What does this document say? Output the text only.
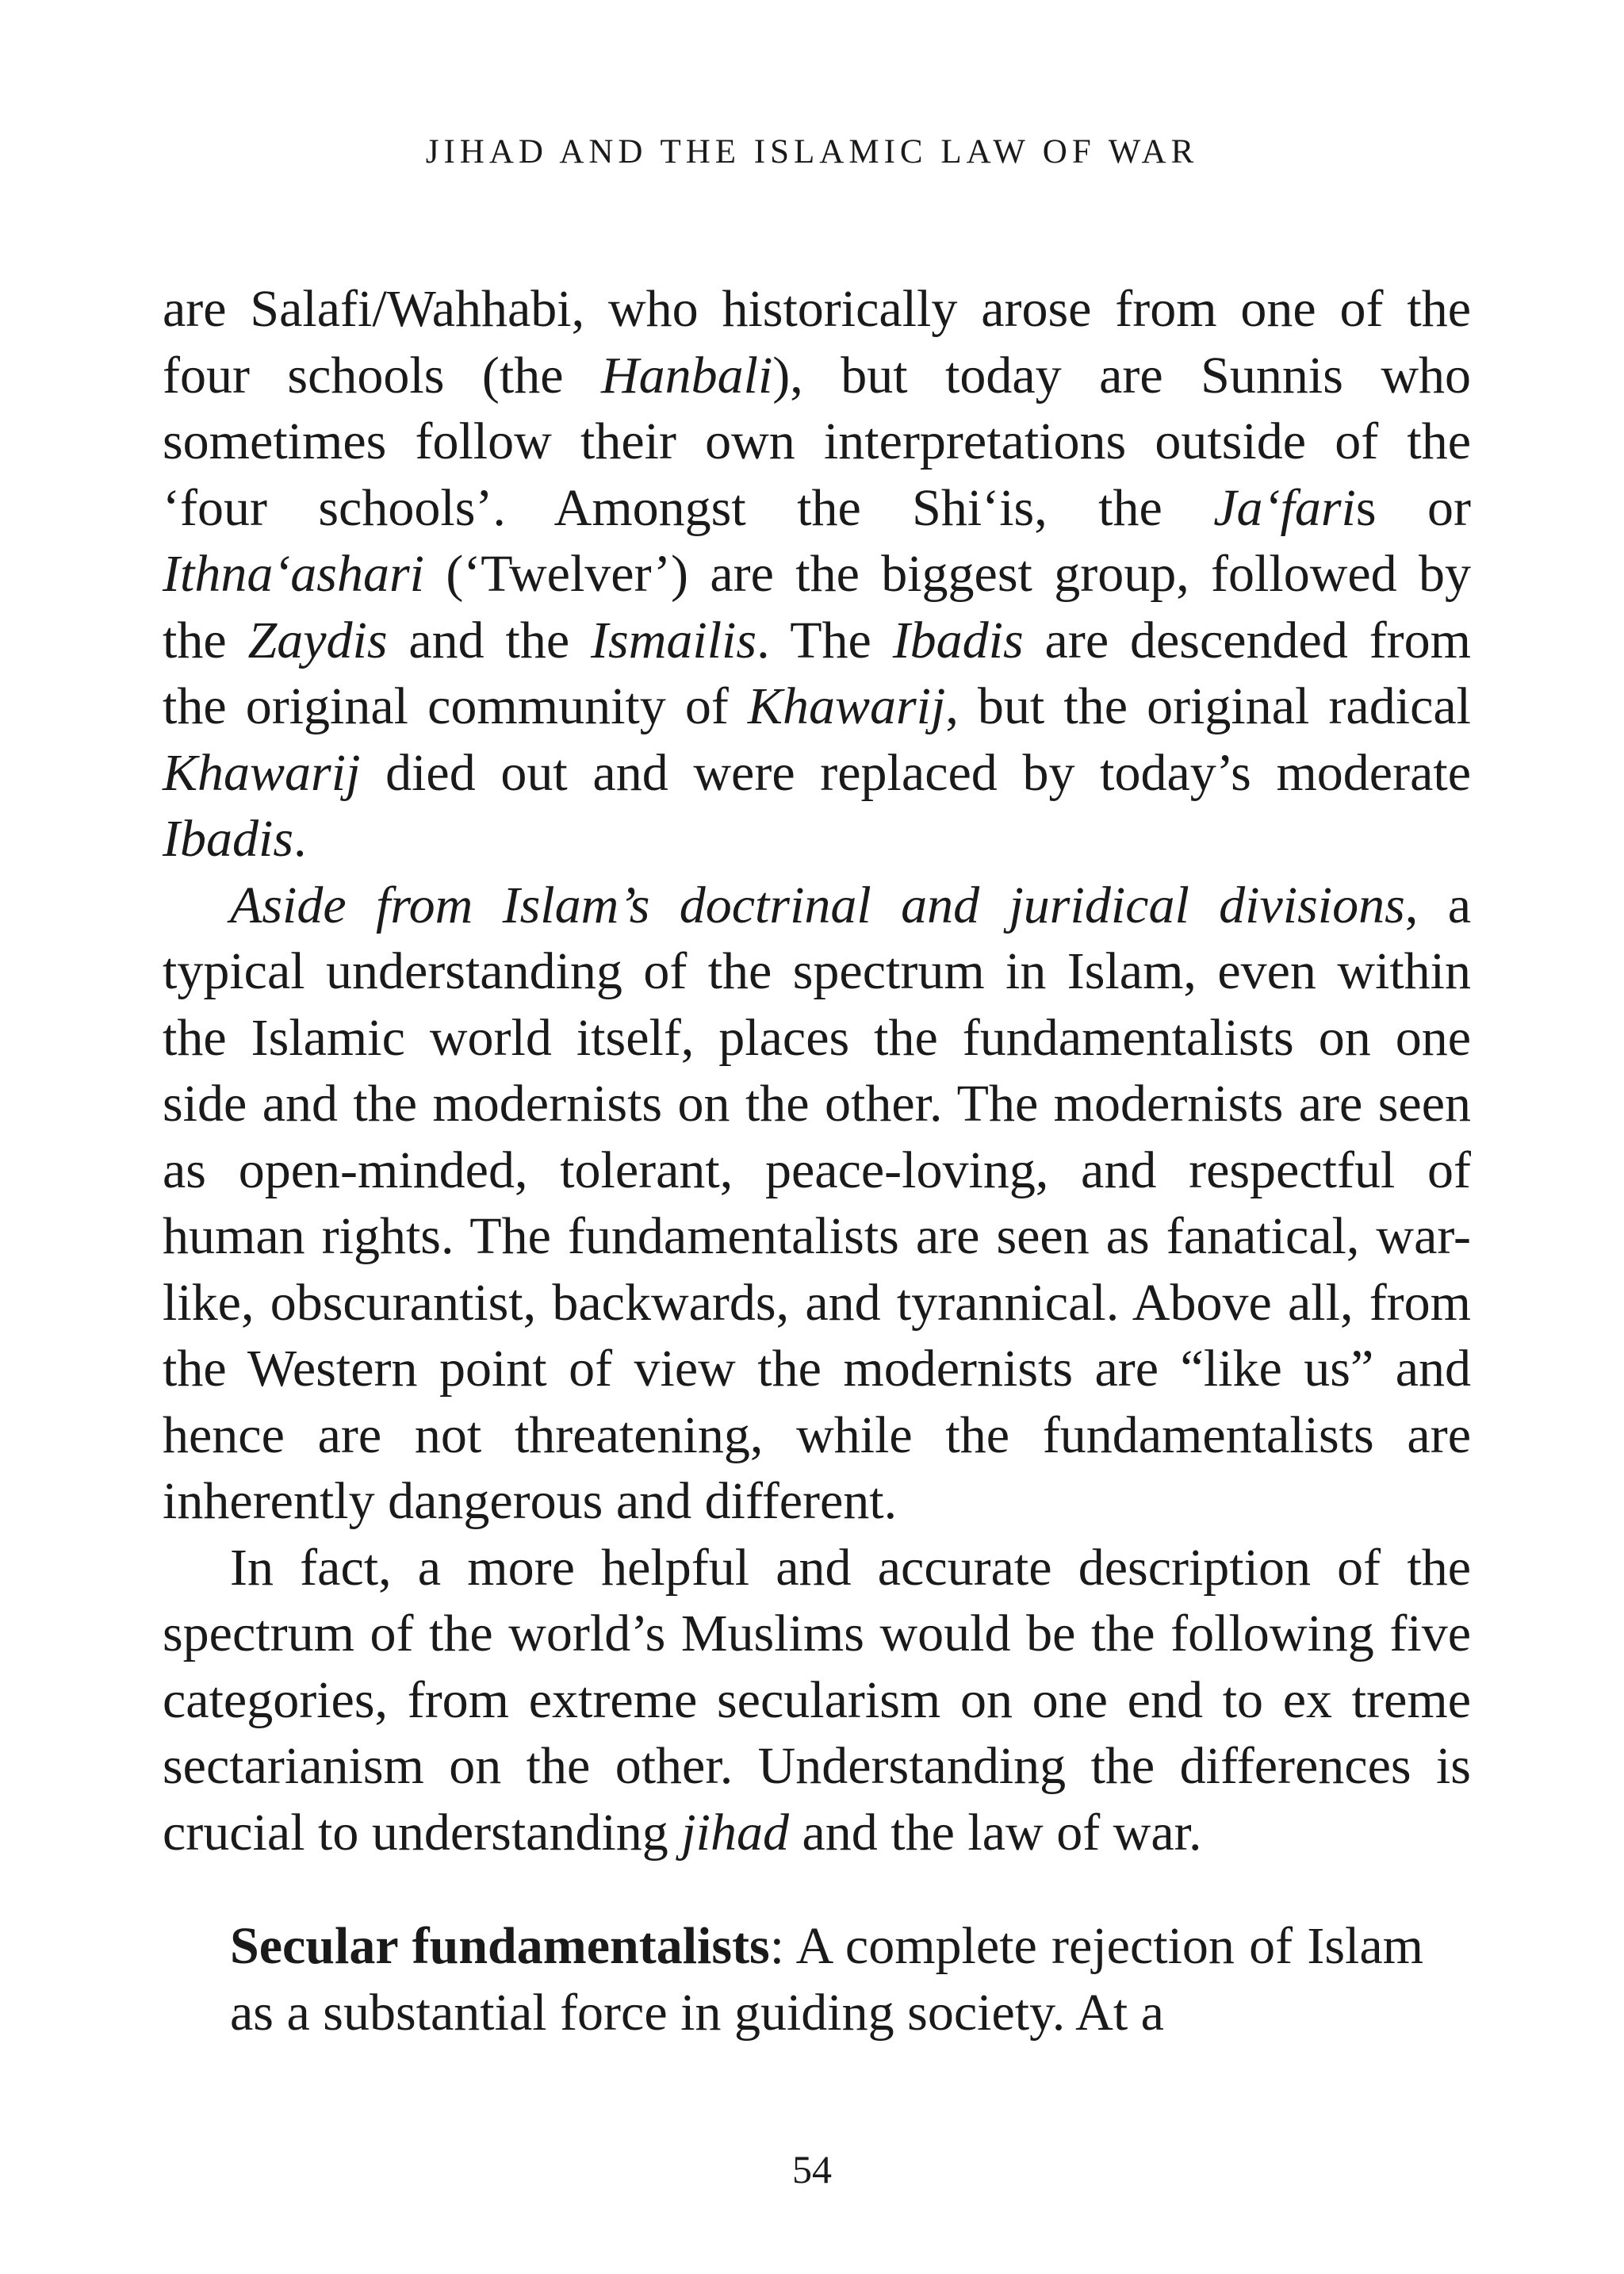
JIHAD AND THE ISLAMIC LAW OF WAR

are Salafi/Wahhabi, who historically arose from one of the four schools (the Hanbali), but today are Sunnis who sometimes follow their own interpretations outside of the ‘four schools’. Amongst the Shi‘is, the Ja‘faris or Ithna‘ashari (‘Twelver’) are the biggest group, followed by the Zaydis and the Ismailis. The Ibadis are descended from the original community of Khawarij, but the original radical Khawarij died out and were replaced by today’s moderate Ibadis.

Aside from Islam’s doctrinal and juridical divisions, a typical understanding of the spectrum in Islam, even within the Islamic world itself, places the fundamentalists on one side and the modernists on the other. The modernists are seen as open-minded, tolerant, peace-loving, and respectful of human rights. The fundamentalists are seen as fanatical, war-like, obscurantist, backwards, and tyrannical. Above all, from the Western point of view the modernists are “like us” and hence are not threatening, while the fundamentalists are inherently dangerous and different.

In fact, a more helpful and accurate description of the spectrum of the world’s Muslims would be the following five categories, from extreme secularism on one end to ex treme sectarianism on the other. Understanding the differences is crucial to understanding jihad and the law of war.

Secular fundamentalists: A complete rejection of Islam as a substantial force in guiding society. At a

54
